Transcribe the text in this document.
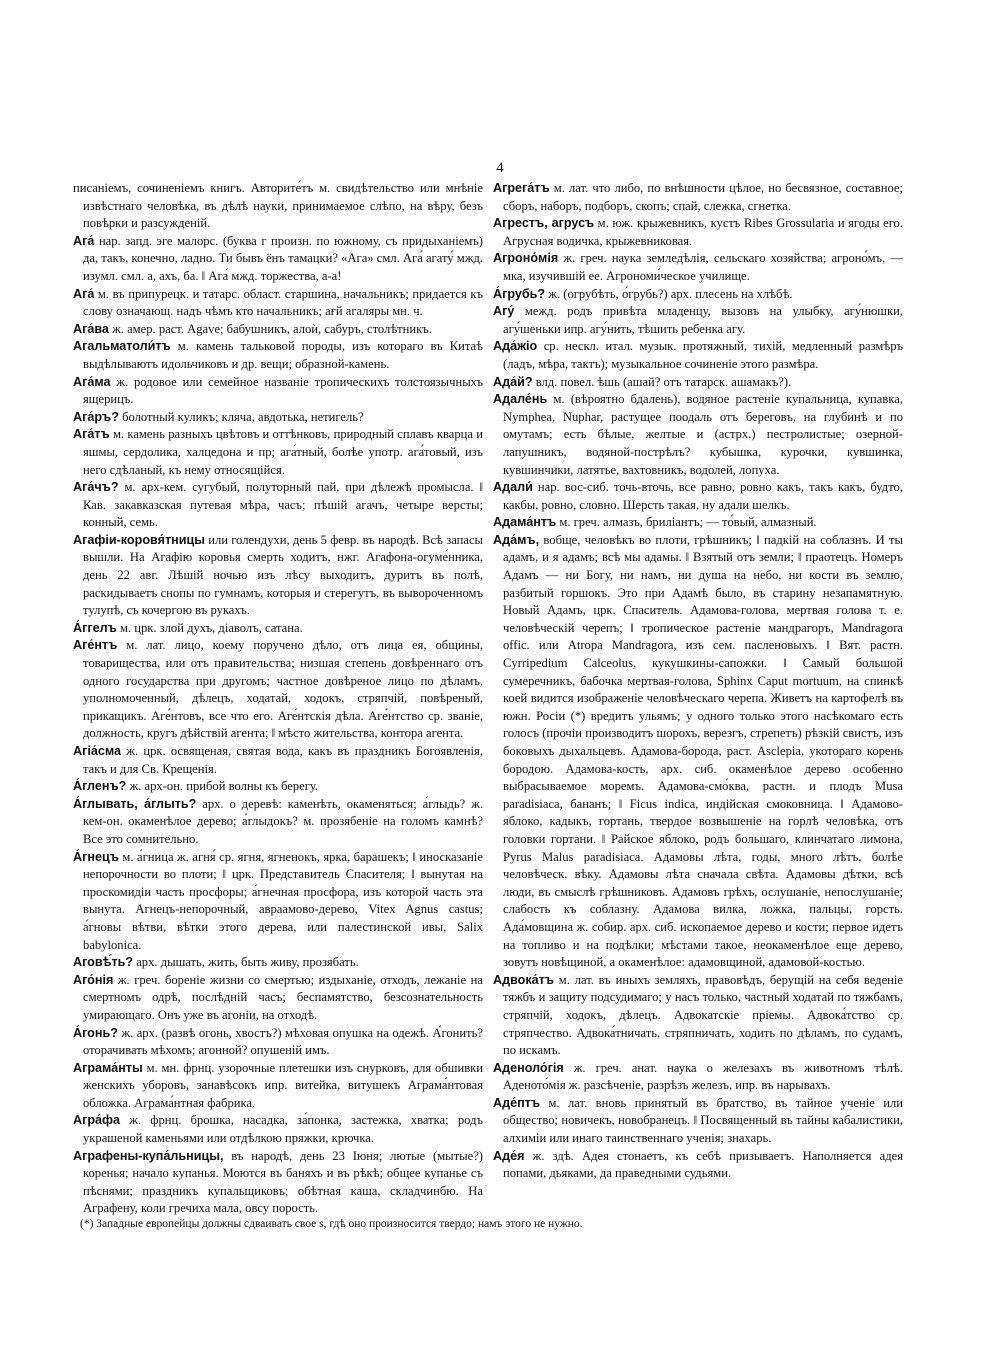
4

писаніемъ, сочиненіемъ книгъ. Авторите́тъ м. свидѣтельство или мнѣніе извѣстнаго человѣка, въ дѣлѣ науки, принимаемое слѣпо, на вѣру, безъ повѣрки и разсужденій.

Ага́ нар. запд. эге малорс. (буква г произн. по южному, съ придыханіемъ) да, такъ, конечно, ладно. Ти бывъ ёнъ тамацки? «Ага» смл. Ага́ агату́ мжд. изумл. смл. а, ахъ, ба. ‖ Ага́ мжд. торжества, а-а!

Ага́ м. въ припурецк. и татарс. област. старшина, начальникъ; придается къ слову означающ. надъ чѣмъ кто начальникъ; ағй агаляры мн. ч.

Ага́ва ж. амер. раст. Agave; бабушникъ, алоѝ, сабуръ, столѣтникъ.

Агальматоли́тъ м. камень тальковой породы, изъ котораго въ Китаѣ выдѣлываютъ идольчиковъ и др. вещи; образной-камень.

Ага́ма ж. родовое или семейное названіе тропическихъ толстоязычныхъ ящерицъ.

Ага́ръ? болотный куликъ; кляча, авдотька, нетигель?

Ага́тъ м. камень разныхъ цвѣтовъ и оттѣнковъ, природный сплавъ кварца и яшмы, сердолика, халцедона и пр; ага́тный, болѣе употр. ага́товый, изъ него сдѣланый, къ нему относящійся.

Ага́чъ? м. арх-кем. сугубый, полуторный пай, при дѣлежѣ промысла. ‖ Кав. закавказская путевая мѣра, часъ; пѣшій агачъ, четыре версты; конный, семь.

Агафіи-коровя́тницы или голендухи, день 5 февр. въ народѣ. Всѣ запасы вышли. На Агафію коровья смерть ходитъ, нжг. Агафона-огуме́нника, день 22 авг. Лѣшій ночью изъ лѣсу выходитъ, дуритъ въ полѣ, раскидываетъ снопы по гумнамъ, которыя и стерегутъ, въ вывороченномъ тулупѣ, съ кочергою въ рукахъ.

А́ггелъ м. црк. злой духъ, діаволъ, сатана.

Аге́нтъ м. лат. лицо, коему поручено дѣло, отъ лица ея, общины, товарищества, или отъ правительства; низшая степень довѣреннаго отъ одного государства при другомъ; частное довѣреное лицо по дѣламъ, уполномоченный, дѣлецъ, ходатай, ходокъ, стряпчій, повѣреный, прикащикъ. Аге́нтовъ, все что его. Аге́нтскія дѣла. Аге́нтство ср. званіе, должность, кругъ дѣйствій агента; ‖ мѣсто жительства, контора агента.

Агіа́сма ж. црк. освященая, святая вода, какъ въ праздникъ Богоявленія, такъ и для Св. Крещенія.

А́гленъ? ж. арх-он. прибой волны къ берегу.

А́глывать, а́глыть? арх. о деревѣ: каменѣть, окаменяться; а́глыдь? ж. кем-он. окаменѣлое дерево; а́глыдокъ? м. прозябеніе на голомъ камнѣ? Все это сомнительно.

А́гнецъ м. а́гница ж. агня́ ср. ягня, ягненокъ, ярка, барашекъ; ‖ иносказаніе непорочности во плоти; ‖ црк. Представитель Спасителя; ‖ вынутая на проскомидіи часть просфоры; а́гнечная просфора, изъ которой часть эта вынута. Агнецъ-непорочный, авраамово-дерево, Vitex Agnus castus; а́гновы вѣтви, вѣтки этого дерева, или палестинской ивы, Salix babylonica.

Аговѣ́ть? арх. дышать, жить, быть живу, прозябать.

Аго́нія ж. греч. бореніе жизни со смертью; издыханіе, отходъ, лежаніе на смертномъ одрѣ, послѣдній часъ; беспамятство, безсознательность умирающаго. Онъ уже въ агоніи, на отходѣ.

А́гонь? ж. арх. (развѣ огонь, хвостъ?) мѣховая опушка на одежѣ. А́гонить? оторачивать мѣхомъ; агонной? опушеній имъ.

Аграма́нты м. мн. фрнц. узорочные плетешки изъ снурковъ, для обшивки женскихъ уборовъ, занавѣсокъ ипр. витейка, витушекъ Аграма́нтовая обложка. Аграма́нтная фабрика.

Агра́фа ж. фрнц. брошка, насадка, за́понка, застежка, хватка; родъ украшеной каменьями или отдѣлкою пряжки, крючка.

Аграфены-купа́льницы, въ народѣ, день 23 Іюня; лютые (мытые?) коренья; начало купанья. Моются въ баняхъ и въ рѣкѣ; общее купанье съ пѣснями; праздникъ купальщиковъ; обѣтная каша, складчинбю. На Аграфену, коли гречиха мала, овсу порость.

Агрега́тъ м. лат. что либо, по внѣшности цѣлое, но бесвязное, составное; сборъ, наборъ, подборъ, скопъ; спай, слежка, сгнетка.

Агрестъ, агрусъ м. юж. крыжевникъ, кустъ Ribes Grossularia и ягоды его. Агрусная водичка, крыжевниковая.

Агроно́мія ж. греч. наука земледѣлія, сельскаго хозяйства; агроно́мъ, — мка, изучившій ее. Агрономи́ческое училище.

А́грубь? ж. (огрубѣть, о́грубь?) арх. плесень на хлѣбѣ.

Агу́ межд. родъ привѣта младенцу, вызовъ на улыбку, агу́нюшки, агу́шеньки ипр. агу́нить, тѣшить ребенка агу.

Ада́жіо ср. нескл. итал. музык. протяжный, тихій, медленный размѣръ (ладъ, мѣра, тактъ); музыкальное сочиненіе этого размѣра.

Ада́й? влд. повел. ѣшь (ашай? отъ татарск. ашамакъ?).

Адале́нь м. (вѣроятно бдалень), водяное растеніе купальница, купавка, Nymphea, Nuphar, растущее поодаль отъ береговъ, на глубинѣ и по омутамъ; есть бѣлые, желтые и (астрх.) пестролистые; озерной-лапушникъ, водяной-пострѣлъ? кубышка, курочки, кувшинка, кувшинчики, латятье, вахтовникъ, водолей, лопуха.

Адали́ нар. вос-сиб. точь-вточь, все равно, ровно какъ, такъ какъ, будто, какбы, ровно, словно. Шерсть такая, ну адали шелкъ.

Адама́нтъ м. греч. алмазъ, бриліантъ; — то́вый, алмазный.

Ада́мъ, вобще, человѣкъ во плоти, грѣшникъ; ‖ падкій на соблазнъ. И ты адамъ, и я адамъ; всѣ мы адамы. ‖ Взятый отъ земли; ‖ праотецъ. Номеръ Адамъ — ни Богу, ни намъ, ни душа на небо, ни кости въ землю, разбитый горшокъ. Это при Адамѣ было, въ старину незапамятную. Новый Адамъ, црк. Спаситель. Адамова-голова, мертвая голова т. е. человѣческій черепъ; ‖ тропическое растеніе мандрагоръ, Mandragora offic. или Atropa Mandragora, изъ сем. пасленовыхъ. ‖ Вят. растн. Cyrripedium Calceolus, кукушкины-сапожки. ‖ Самый большой сумеречникъ, бабочка мертвая-голова, Sphinx Caput mortuum, на спинкѣ коей видится изображеніе человѣческаго черепа. Живетъ на картофелѣ въ южн. Росіи (*) вредитъ ульямъ; у одного только этого насѣкомаго есть голосъ (прочіи производитъ шорохъ, верезгъ, стрепетъ) рѣзкій свистъ, изъ боковыхъ дыхальцевъ. Адамова-борода, раст. Asclepia, укотораго корень бородою. Адамова-кость, арх. сиб. окаменѣлое дерево особенно выбрасываемое моремъ. Адамова-смо́ква, растн. и плодъ Musa paradisiaca, бананъ; ‖ Ficus indica, индійская смоковница. ‖ Адамово-яблоко, кадыкъ, гортань, твердое возвышеніе на горлѣ человѣка, отъ головки гортани. ‖ Райское яблоко, родъ большаго, клинчатаго лимона, Pyrus Malus paradisiaca. Адамовы лѣта, годы, много лѣтъ, болѣе человѣческ. вѣку. Адамовы лѣта сначала свѣта. Адамовы дѣтки, всѣ люди, въ смыслѣ грѣшниковъ. Адамовъ грѣхъ, ослушаніе, непослушаніе; слабость къ соблазну. Адамова вилка, ложка, пальцы, горсть. Ада́мовщина ж. собир. арх. сиб. ископаемое дерево и кости; первое идетъ на топливо и на подѣлки; мѣстами такое, неокаменѣлое еще дерево, зовутъ новѣщиной, а окаменѣлое: адамовщиной, адамовой-костью.

Адвока́тъ м. лат. въ иныхъ земляхъ, правовѣдъ, берущій на себя веденіе тяжбъ и защиту подсудимаго; у насъ только, частный ходатай по тяжбамъ, стряпчій, ходокъ, дѣлецъ. Адвокатскіе пріемы. Адвока́тство ср. стряпчество. Адвока́тничать, стряпничать, ходить по дѣламъ, по судамъ, по искамъ.

Аденоло́гія ж. греч. анат. наука о железахъ въ животномъ тѣлѣ. Аденото́мія ж. разсѣченіе, разрѣзъ железъ, ипр. въ нарывахъ.

Аде́птъ м. лат. вновь принятый въ братство, въ тайное ученіе или общество; новичекъ, новобранецъ. ‖ Посвященный въ тайны кабалистики, алхиміи или инаго таинственнаго ученія; знахарь.

Аде́я ж. здѣ. Адея стонаетъ, къ себѣ призываетъ. Наполняется адея попами, дьяками, да праведными судьями.

(*) Западные европейцы должны сдваивать свое s, гдѣ оно произносится твердо; намъ этого не нужно.
